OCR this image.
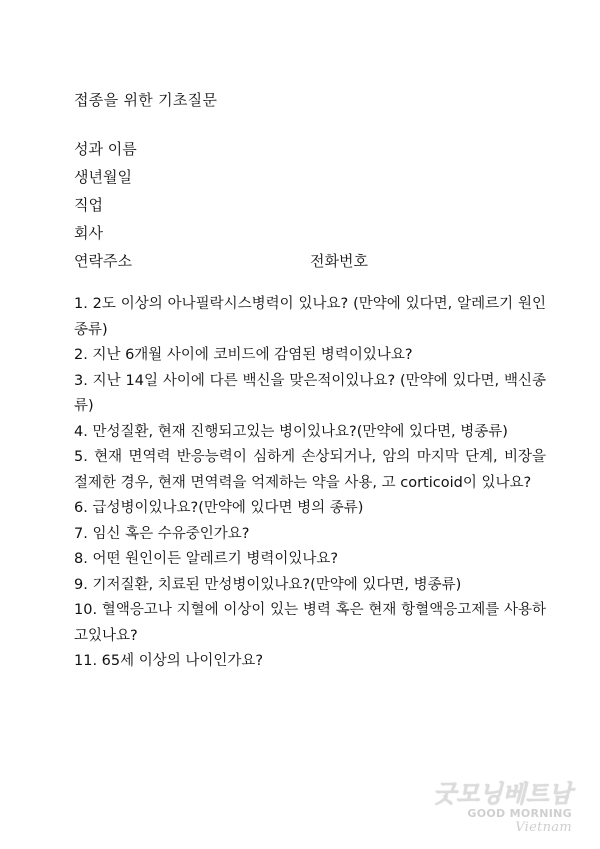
접종을 위한 기초질문
성과 이름
생년월일
직업
회사
연락주소	전화번호

1. 2도 이상의 아나필락시스병력이 있나요? (만약에 있다면, 알레르기 원인종류)

2. 지난 6개월 사이에 코비드에 감염된 병력이있나요?

3. 지난 14일 사이에 다른 백신을 맞은적이있나요? (만약에 있다면, 백신종류)

4. 만성질환, 현재 진행되고있는 병이있나요?(만약에 있다면, 병종류)

5. 현재 면역력 반응능력이 심하게 손상되거나, 암의 마지막 단계, 비장을 절제한 경우, 현재 면역력을 억제하는 약을 사용, 고 corticoid이 있나요?

6. 급성병이있나요?(만약에 있다면 병의 종류)

7. 임신 혹은 수유중인가요?

8. 어떤 원인이든 알레르기 병력이있나요?

9. 기저질환, 치료된 만성병이있나요?(만약에 있다면, 병종류)

10. 혈액응고나 지혈에 이상이 있는 병력 혹은 현재 항혈액응고제를 사용하고있나요?

11. 65세 이상의 나이인가요?

굿모닝베트남
GOOD MORNING Vietnam
